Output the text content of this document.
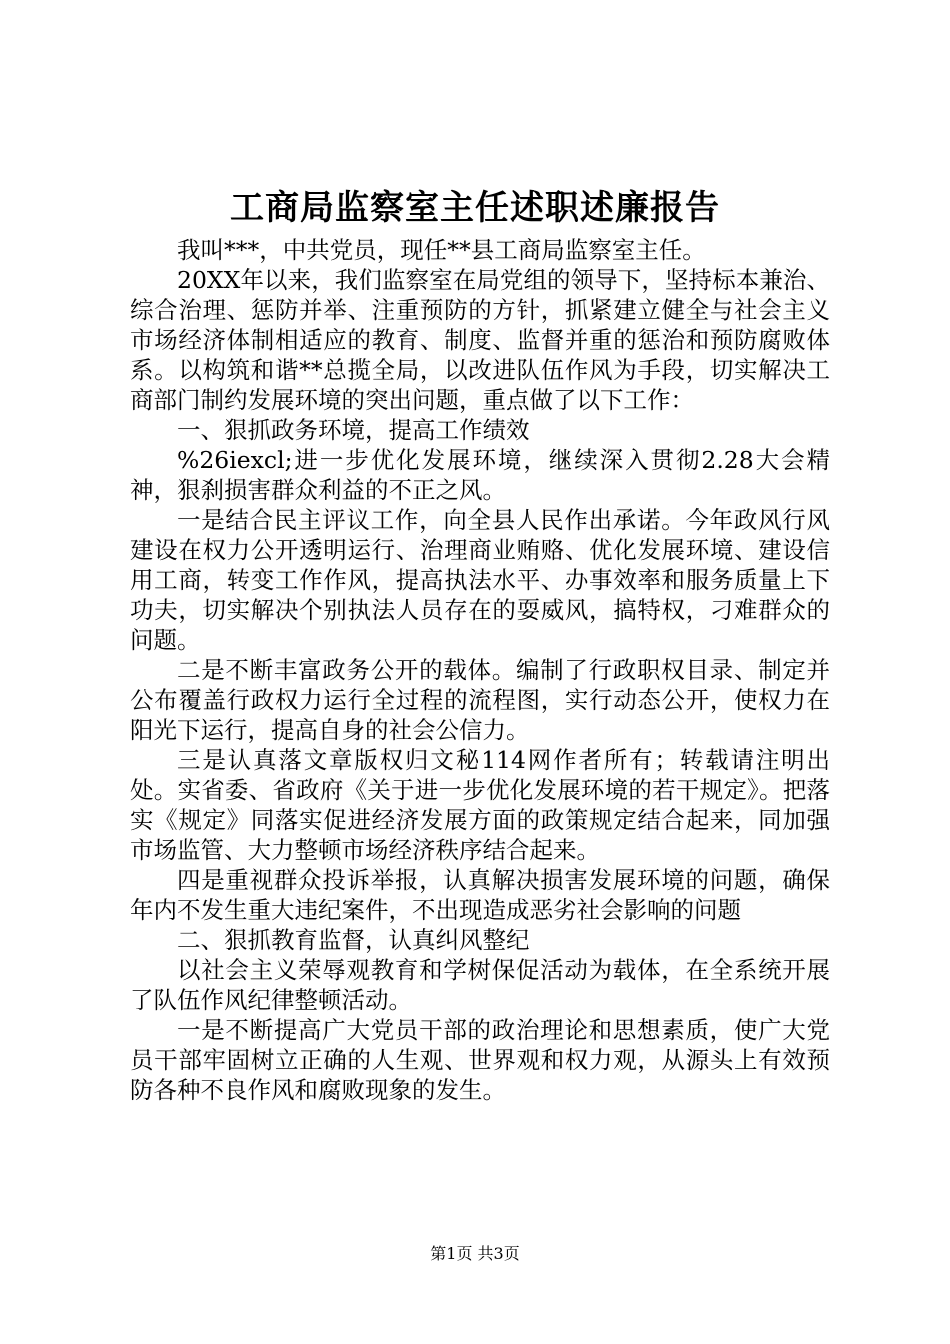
工商局监察室主任述职述廉报告

我叫***，中共党员，现任**县工商局监察室主任。

20XX年以来，我们监察室在局党组的领导下，坚持标本兼治、综合治理、惩防并举、注重预防的方针，抓紧建立健全与社会主义市场经济体制相适应的教育、制度、监督并重的惩治和预防腐败体系。以构筑和谐**总揽全局，以改进队伍作风为手段，切实解决工商部门制约发展环境的突出问题，重点做了以下工作：

一、狠抓政务环境，提高工作绩效

%26iexcl;进一步优化发展环境，继续深入贯彻2.28大会精神，狠刹损害群众利益的不正之风。

一是结合民主评议工作，向全县人民作出承诺。今年政风行风建设在权力公开透明运行、治理商业贿赂、优化发展环境、建设信用工商，转变工作作风，提高执法水平、办事效率和服务质量上下功夫，切实解决个别执法人员存在的耍威风，搞特权，刁难群众的问题。

二是不断丰富政务公开的载体。编制了行政职权目录、制定并公布覆盖行政权力运行全过程的流程图，实行动态公开，使权力在阳光下运行，提高自身的社会公信力。

三是认真落文章版权归文秘114网作者所有；转载请注明出处。实省委、省政府《关于进一步优化发展环境的若干规定》。把落实《规定》同落实促进经济发展方面的政策规定结合起来，同加强市场监管、大力整顿市场经济秩序结合起来。

四是重视群众投诉举报，认真解决损害发展环境的问题，确保年内不发生重大违纪案件，不出现造成恶劣社会影响的问题

二、狠抓教育监督，认真纠风整纪

以社会主义荣辱观教育和学树保促活动为载体，在全系统开展了队伍作风纪律整顿活动。

一是不断提高广大党员干部的政治理论和思想素质，使广大党员干部牢固树立正确的人生观、世界观和权力观，从源头上有效预防各种不良作风和腐败现象的发生。

第1页 共3页
